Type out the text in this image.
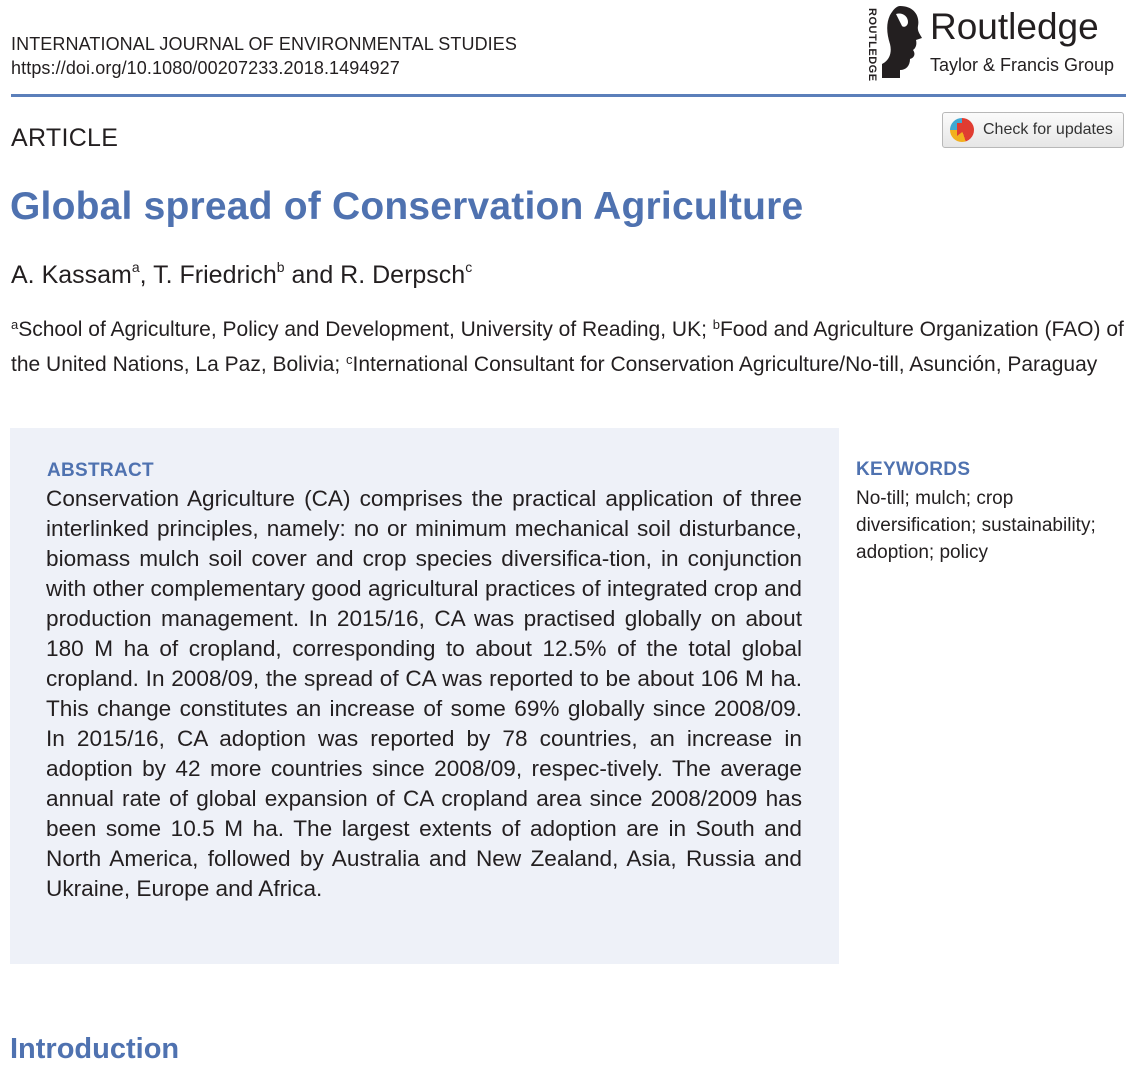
INTERNATIONAL JOURNAL OF ENVIRONMENTAL STUDIES
https://doi.org/10.1080/00207233.2018.1494927	ROUTLEDGE Routledge
Taylor & Francis Group
ARTICLE	Check for updates
Global spread of Conservation Agriculture
A. Kassam$^a$, T. Friedrich$^b$ and R. Derpsch$^c$
$^a$School of Agriculture, Policy and Development, University of Reading, UK; $^b$Food and Agriculture Organization (FAO) of the United Nations, La Paz, Bolivia; $^c$International Consultant for Conservation Agriculture/No-till, Asunción, Paraguay
ABSTRACT

Conservation Agriculture (CA) comprises the practical application of three interlinked principles, namely: no or minimum mechanical soil disturbance, biomass mulch soil cover and crop species diversifica-tion, in conjunction with other complementary good agricultural practices of integrated crop and production management. In 2015/16, CA was practised globally on about 180 M ha of cropland, corresponding to about 12.5% of the total global cropland. In 2008/09, the spread of CA was reported to be about 106 M ha. This change constitutes an increase of some 69% globally since 2008/09. In 2015/16, CA adoption was reported by 78 countries, an increase in adoption by 42 more countries since 2008/09, respec-tively. The average annual rate of global expansion of CA cropland area since 2008/2009 has been some 10.5 M ha. The largest extents of adoption are in South and North America, followed by Australia and New Zealand, Asia, Russia and Ukraine, Europe and Africa.

KEYWORDS
No-till; mulch; crop diversification; sustainability; adoption; policy
Introduction
